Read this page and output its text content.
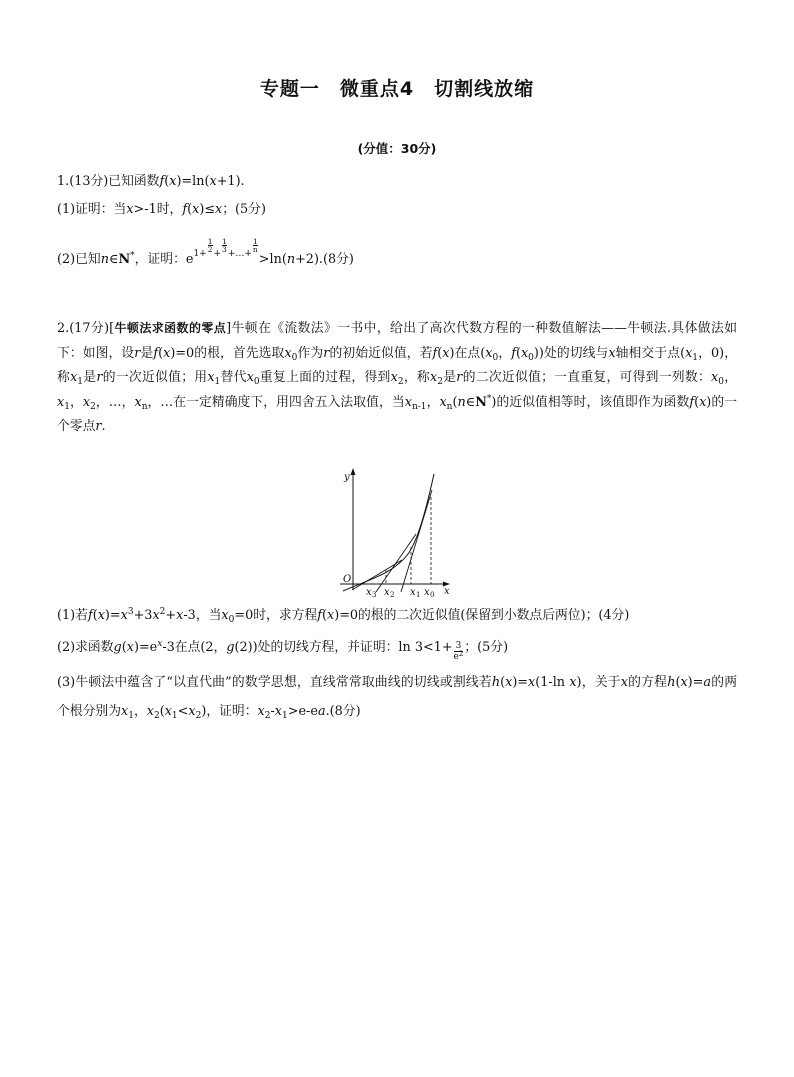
专题一　微重点4　切割线放缩
(分值：30分)
1.(13分)已知函数f(x)=ln(x+1).
(1)证明：当x>-1时，f(x)≤x；(5分)
(2)已知n∈N*，证明：$e^{1+ \frac{1}{2} + \frac{1}{3} +\dots+ \frac{1}{n}}$
>ln(n+2).(8分)
2.(17分)[牛顿法求函数的零点]牛顿在《流数法》一书中，给出了高次代数方程的一种数值解法——牛顿法.具体做法如下：如图，设r是f(x)=0的根，首先选取$x_0$作为r的初始近似值，若f(x)在点($x_0$，$f(x_0)$)处的切线与x轴相交于点($x_1$，0)，称$x_1$是r的一次近似值；用$x_1$替代$x_0$重复上面的过程，得到$x_2$，称$x_2$是r的二次近似值；一直重复，可得到一列数：$x_0$，$x_1$，$x_2$，…，$x_n$，…在一定精确度下，用四舍五入法取值，当$x_{n-1}$，$x_n(n\in N^*)$的近似值相等时，该值即作为函数f(x)的一个零点r.
y
x
O
x 3 x 2 x 1 x 0
(1)若$f(x)=x^3+3x^2+x-3$，当$x_0=0$时，求方程f(x)=0的根的二次近似值(保留到小数点后两位)；(4分)
(2)求函数$g(x)=e^x-3$在点(2，g(2))处的切线方程，并证明：$\ln 3<1+ \frac{3}{e^2}$ ；(5分)
(3)牛顿法中蕴含了“以直代曲”的数学思想，直线常常取曲线的切线或割线若h(x)=x(1-ln x)，关于x的方程h(x)=a的两个根分别为$x_1$，$x_2(x_1<x_2)$，证明：$x_2-x_1>e-ea.(8$分)
